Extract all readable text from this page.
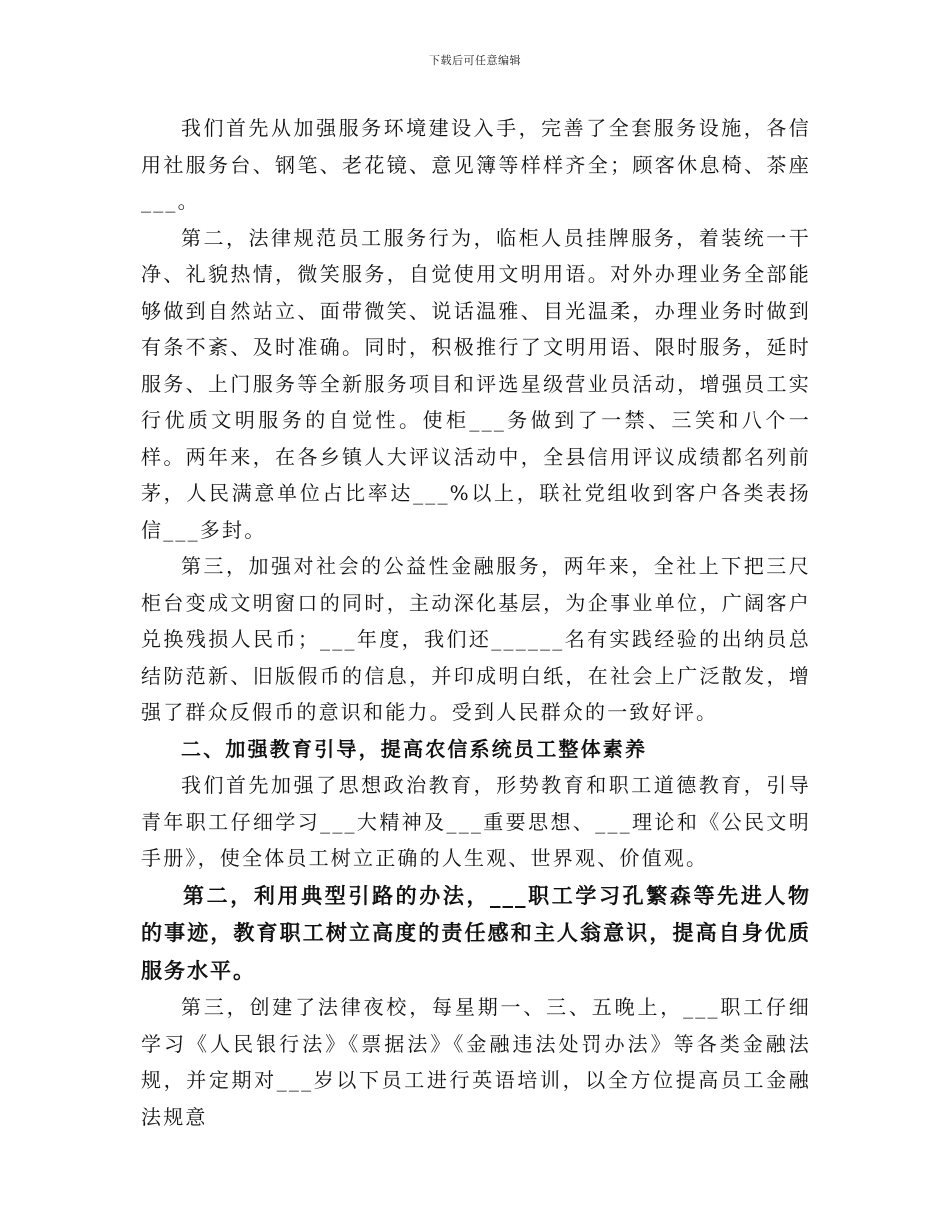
下载后可任意编辑

我们首先从加强服务环境建设入手，完善了全套服务设施，各信用社服务台、钢笔、老花镜、意见簿等样样齐全；顾客休息椅、茶座___。

第二，法律规范员工服务行为，临柜人员挂牌服务，着装统一干净、礼貌热情，微笑服务，自觉使用文明用语。对外办理业务全部能够做到自然站立、面带微笑、说话温雅、目光温柔，办理业务时做到有条不紊、及时准确。同时，积极推行了文明用语、限时服务，延时服务、上门服务等全新服务项目和评选星级营业员活动，增强员工实行优质文明服务的自觉性。使柜___务做到了一禁、三笑和八个一样。两年来，在各乡镇人大评议活动中，全县信用评议成绩都名列前茅，人民满意单位占比率达___%以上，联社党组收到客户各类表扬信___多封。

第三，加强对社会的公益性金融服务，两年来，全社上下把三尺柜台变成文明窗口的同时，主动深化基层，为企事业单位，广阔客户兑换残损人民币；___年度，我们还______名有实践经验的出纳员总结防范新、旧版假币的信息，并印成明白纸，在社会上广泛散发，增强了群众反假币的意识和能力。受到人民群众的一致好评。

二、加强教育引导，提高农信系统员工整体素养

我们首先加强了思想政治教育，形势教育和职工道德教育，引导青年职工仔细学习___大精神及___重要思想、___理论和《公民文明手册》，使全体员工树立正确的人生观、世界观、价值观。

第二，利用典型引路的办法，___职工学习孔繁森等先进人物的事迹，教育职工树立高度的责任感和主人翁意识，提高自身优质服务水平。

第三，创建了法律夜校，每星期一、三、五晚上，___职工仔细学习《人民银行法》《票据法》《金融违法处罚办法》等各类金融法规，并定期对___岁以下员工进行英语培训，以全方位提高员工金融法规意
